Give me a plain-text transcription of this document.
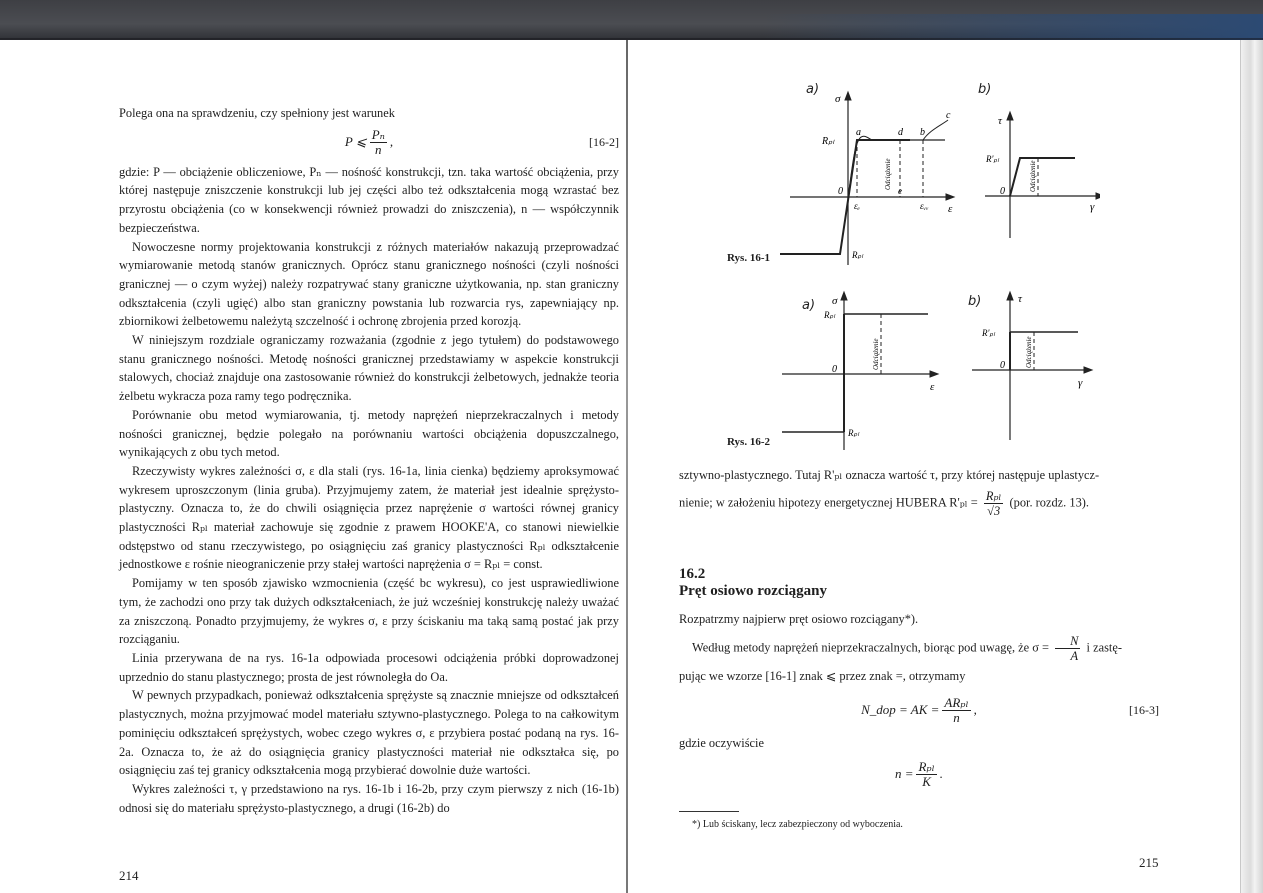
Polega ona na sprawdzeniu, czy spełniony jest warunek

P ⩽ $\frac{\text{Pₙ}}{n}$ ,	[16-2]

gdzie: P — obciążenie obliczeniowe, Pₙ — nośność konstrukcji, tzn. taka wartość obciążenia, przy której następuje zniszczenie konstrukcji lub jej części albo też odkształcenia mogą wzrastać bez przyrostu obciążenia (co w konsekwencji również prowadzi do zniszczenia), n — współczynnik bezpieczeństwa.

Nowoczesne normy projektowania konstrukcji z różnych materiałów nakazują przeprowadzać wymiarowanie metodą stanów granicznych. Oprócz stanu granicznego nośności (czyli nośności granicznej — o czym wyżej) należy rozpatrywać stany graniczne użytkowania, np. stan graniczny odkształcenia (czyli ugięć) albo stan graniczny powstania lub rozwarcia rys, zapewniający np. zbiornikowi żelbetowemu należytą szczelność i ochronę zbrojenia przed korozją.

W niniejszym rozdziale ograniczamy rozważania (zgodnie z jego tytułem) do podstawowego stanu granicznego nośności. Metodę nośności granicznej przedstawiamy w aspekcie konstrukcji stalowych, chociaż znajduje ona zastosowanie również do konstrukcji żelbetowych, jednakże teoria żelbetu wykracza poza ramy tego podręcznika.

Porównanie obu metod wymiarowania, tj. metody naprężeń nieprzekraczalnych i metody nośności granicznej, będzie polegało na porównaniu wartości obciążenia dopuszczalnego, wynikających z obu tych metod.

Rzeczywisty wykres zależności σ, ε dla stali (rys. 16-1a, linia cienka) będziemy aproksymować wykresem uproszczonym (linia gruba). Przyjmujemy zatem, że materiał jest idealnie sprężysto-plastyczny. Oznacza to, że do chwili osiągnięcia przez naprężenie σ wartości równej granicy plastyczności Rₚₗ materiał zachowuje się zgodnie z prawem HOOKE'A, co stanowi niewielkie odstępstwo od stanu rzeczywistego, po osiągnięciu zaś granicy plastyczności Rₚₗ odkształcenie jednostkowe ε rośnie nieograniczenie przy stałej wartości naprężenia σ = Rₚₗ = const.

Pomijamy w ten sposób zjawisko wzmocnienia (część bc wykresu), co jest usprawiedliwione tym, że zachodzi ono przy tak dużych odkształceniach, że już wcześniej konstrukcję należy uważać za zniszczoną. Ponadto przyjmujemy, że wykres σ, ε przy ściskaniu ma taką samą postać jak przy rozciąganiu.

Linia przerywana de na rys. 16-1a odpowiada procesowi odciążenia próbki doprowadzonej uprzednio do stanu plastycznego; prosta de jest równoległa do Oa.

W pewnych przypadkach, ponieważ odkształcenia sprężyste są znacznie mniejsze od odkształceń plastycznych, można przyjmować model materiału sztywno-plastycznego. Polega to na całkowitym pominięciu odkształceń sprężystych, wobec czego wykres σ, ε przybiera postać podaną na rys. 16-2a. Oznacza to, że aż do osiągnięcia granicy plastyczności materiał nie odkształca się, po osiągnięciu zaś tej granicy odkształcenia mogą przybierać dowolnie duże wartości.

Wykres zależności τ, γ przedstawiono na rys. 16-1b i 16-2b, przy czym pierwszy z nich (16-1b) odnosi się do materiału sprężysto-plastycznego, a drugi (16-2b) do

214
a)	b)
σ
ε
0
Rₚₗ
Rₚₗ
a	d b
c
εₑ	εᵥᵥ
e
Odciążenie
τ
γ
0
R'ₚₗ
Odciążenie
Rys. 16-1
a)	b)
σ
ε
0
Rₚₗ
Rₚₗ
Odciążenie
τ
γ
0
R'ₚₗ
Odciążenie
Rys. 16-2

sztywno-plastycznego. Tutaj R'ₚₗ oznacza wartość τ, przy której następuje uplastycz-

nienie; w założeniu hipotezy energetycznej HUBERA $R'_{pl} = \frac{\text{Rₚₗ}}{√3} (por$. rozdz. 13).

16.2
Pręt osiowo rozciągany

Rozpatrzmy najpierw pręt osiowo rozciągany*).

Według metody naprężeń nieprzekraczalnych, biorąc pod uwagę, że $\sigma = \frac{N}{A}$ i zastę-

pując we wzorze [16-1] znak ⩽ przez znak =, otrzymamy

N_dop = AK = $\frac{\text{ARₚₗ}}{n}$ ,	[16-3]

gdzie oczywiście

$n = \frac{\text{Rₚₗ}}{K}$ .
*) Lub ściskany, lecz zabezpieczony od wyboczenia.
215
